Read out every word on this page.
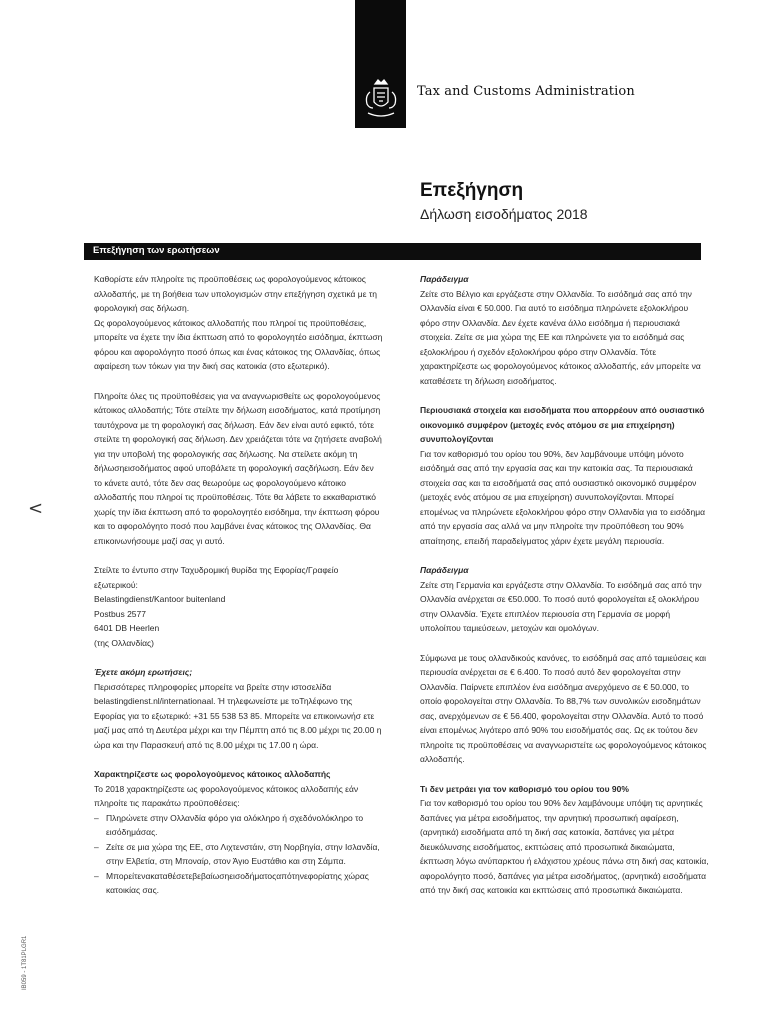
Tax and Customs Administration
Επεξήγηση
Δήλωση εισοδήματος 2018
Επεξήγηση των ερωτήσεων
<
IB059 - 1T81PLGR1

Καθορίστε εάν πληροίτε τις προϋποθέσεις ως φορολογούμενος κάτοικος αλλοδαπής, με τη βοήθεια των υπολογισμών στην επεξήγηση σχετικά με τη φορολογική σας δήλωση.

Ως φορολογούμενος κάτοικος αλλοδαπής που πληροί τις προϋποθέσεις, μπορείτε να έχετε την ίδια έκπτωση από το φορολογητέο εισόδημα, έκπτωση φόρου και αφορολόγητο ποσό όπως και ένας κάτοικος της Ολλανδίας, όπως αφαίρεση των τόκων για την δική σας κατοικία (στο εξωτερικό).

Πληροίτε όλες τις προϋποθέσεις για να αναγνωρισθείτε ως φορολογούμενος κάτοικος αλλοδαπής; Τότε στείλτε την δήλωση εισοδήματος, κατά προτίμηση ταυτόχρονα με τη φορολογική σας δήλωση. Εάν δεν είναι αυτό εφικτό, τότε στείλτε τη φορολογική σας δήλωση. Δεν χρειάζεται τότε να ζητήσετε αναβολή για την υποβολή της φορολογικής σας δήλωσης. Να στείλετε ακόμη τη δήλωσηεισοδήματος αφού υποβάλετε τη φορολογική σαςδήλωση. Εάν δεν το κάνετε αυτό, τότε δεν σας θεωρούμε ως φορολογούμενο κάτοικο αλλοδαπής που πληροί τις προϋποθέσεις. Τότε θα λάβετε το εκκαθαριστικό χωρίς την ίδια έκπτωση από το φορολογητέο εισόδημα, την έκπτωση φόρου και το αφορολόγητο ποσό που λαμβάνει ένας κάτοικος της Ολλανδίας. Θα επικοινωνήσουμε μαζί σας γι αυτό.

Στείλτε το έντυπο στην Ταχυδρομική θυρίδα της Εφορίας/Γραφείο εξωτερικού:

Belastingdienst/Kantoor buitenland

Postbus 2577

6401 DB Heerlen

(της Ολλανδίας)

Έχετε ακόμη ερωτήσεις;

Περισσότερες πληροφορίες μπορείτε να βρείτε στην ιστοσελίδα belastingdienst.nl/internationaal. Ή τηλεφωνείστε με τοΤηλέφωνο της Εφορίας για το εξωτερικό: +31 55 538 53 85. Μπορείτε να επικοινωνήσ ετε μαζί μας από τη Δευτέρα μέχρι και την Πέμπτη από τις 8.00 μέχρι τις 20.00 η ώρα και την Παρασκευή από τις 8.00 μέχρι τις 17.00 η ώρα.

Χαρακτηρίζεστε ως φορολογούμενος κάτοικος αλλοδαπής

Το 2018 χαρακτηρίζεστε ως φορολογούμενος κάτοικος αλλοδαπής εάν πληροίτε τις παρακάτω προϋποθέσεις:

– Πληρώνετε στην Ολλανδία φόρο για ολόκληρο ή σχεδόνολόκληρο το εισόδημάσας.
– Ζείτε σε μια χώρα της ΕΕ, στο Λιχτενστάιν, στη Νορβηγία, στην Ισλανδία, στην Ελβετία, στη Μποναίρ, στον Άγιο Ευστάθιο και στη Σάμπα.
– Μπορείτενακαταθέσετεβεβαίωσηεισοδήματοςαπότηνεφορίατης χώρας κατοικίας σας.

Παράδειγμα

Ζείτε στο Βέλγιο και εργάζεστε στην Ολλανδία. Το εισόδημά σας από την Ολλανδία είναι € 50.000. Για αυτό το εισόδημα πληρώνετε εξολοκλήρου φόρο στην Ολλανδία. Δεν έχετε κανένα άλλο εισόδημα ή περιουσιακά στοιχεία. Ζείτε σε μια χώρα της ΕΕ και πληρώνετε για το εισόδημά σας εξολοκλήρου ή σχεδόν εξολοκλήρου φόρο στην Ολλανδία. Τότε χαρακτηρίζεστε ως φορολογούμενος κάτοικος αλλοδαπής, εάν μπορείτε να καταθέσετε τη δήλωση εισοδήματος.

Περιουσιακά στοιχεία και εισοδήματα που απορρέουν από ουσιαστικό οικονομικό συμφέρον (μετοχές ενός ατόμου σε μια επιχείρηση) συνυπολογίζονται

Για τον καθορισμό του ορίου του 90%, δεν λαμβάνουμε υπόψη μόνοτο εισόδημά σας από την εργασία σας και την κατοικία σας. Τα περιουσιακά στοιχεία σας και τα εισοδήματά σας από ουσιαστικό οικονομικό συμφέρον (μετοχές ενός ατόμου σε μια επιχείρηση) συνυπολογίζονται. Μπορεί επομένως να πληρώνετε εξολοκλήρου φόρο στην Ολλανδία για το εισόδημα από την εργασία σας αλλά να μην πληροίτε την προϋπόθεση του 90% απαίτησης, επειδή παραδείγματος χάριν έχετε μεγάλη περιουσία.

Παράδειγμα

Ζείτε στη Γερμανία και εργάζεστε στην Ολλανδία. Το εισόδημά σας από την Ολλανδία ανέρχεται σε €50.000. Το ποσό αυτό φορολογείται εξ ολοκλήρου στην Ολλανδία. Έχετε επιπλέον περιουσία στη Γερμανία σε μορφή υπολοίπου ταμιεύσεων, μετοχών και ομολόγων.

Σύμφωνα με τους ολλανδικούς κανόνες, το εισόδημά σας από ταμιεύσεις και περιουσία ανέρχεται σε € 6.400. Το ποσό αυτό δεν φορολογείται στην Ολλανδία. Παίρνετε επιπλέον ένα εισόδημα ανερχόμενο σε € 50.000, το οποίο φορολογείται στην Ολλανδία. Το 88,7% των συνολικών εισοδημάτων σας, ανερχόμενων σε € 56.400, φορολογείται στην Ολλανδία. Αυτό το ποσό είναι επομένως λιγότερο από 90% του εισοδήματός σας. Ως εκ τούτου δεν πληροίτε τις προϋποθέσεις να αναγνωριστείτε ως φορολογούμενος κάτοικος αλλοδαπής.

Τι δεν μετράει για τον καθορισμό του ορίου του 90%

Για τον καθορισμό του ορίου του 90% δεν λαμβάνουμε υπόψη τις αρνητικές δαπάνες για μέτρα εισοδήματος, την αρνητική προσωπική αφαίρεση, (αρνητικά) εισοδήματα από τη δική σας κατοικία, δαπάνες για μέτρα διευκόλυνσης εισοδήματος, εκπτώσεις από προσωπικά δικαιώματα, έκπτωση λόγω ανύπαρκτου ή ελάχιστου χρέους πάνω στη δική σας κατοικία, αφορολόγητο ποσό, δαπάνες για μέτρα εισοδήματος, (αρνητικά) εισοδήματα από την δική σας κατοικία και εκπτώσεις από προσωπικά δικαιώματα.
